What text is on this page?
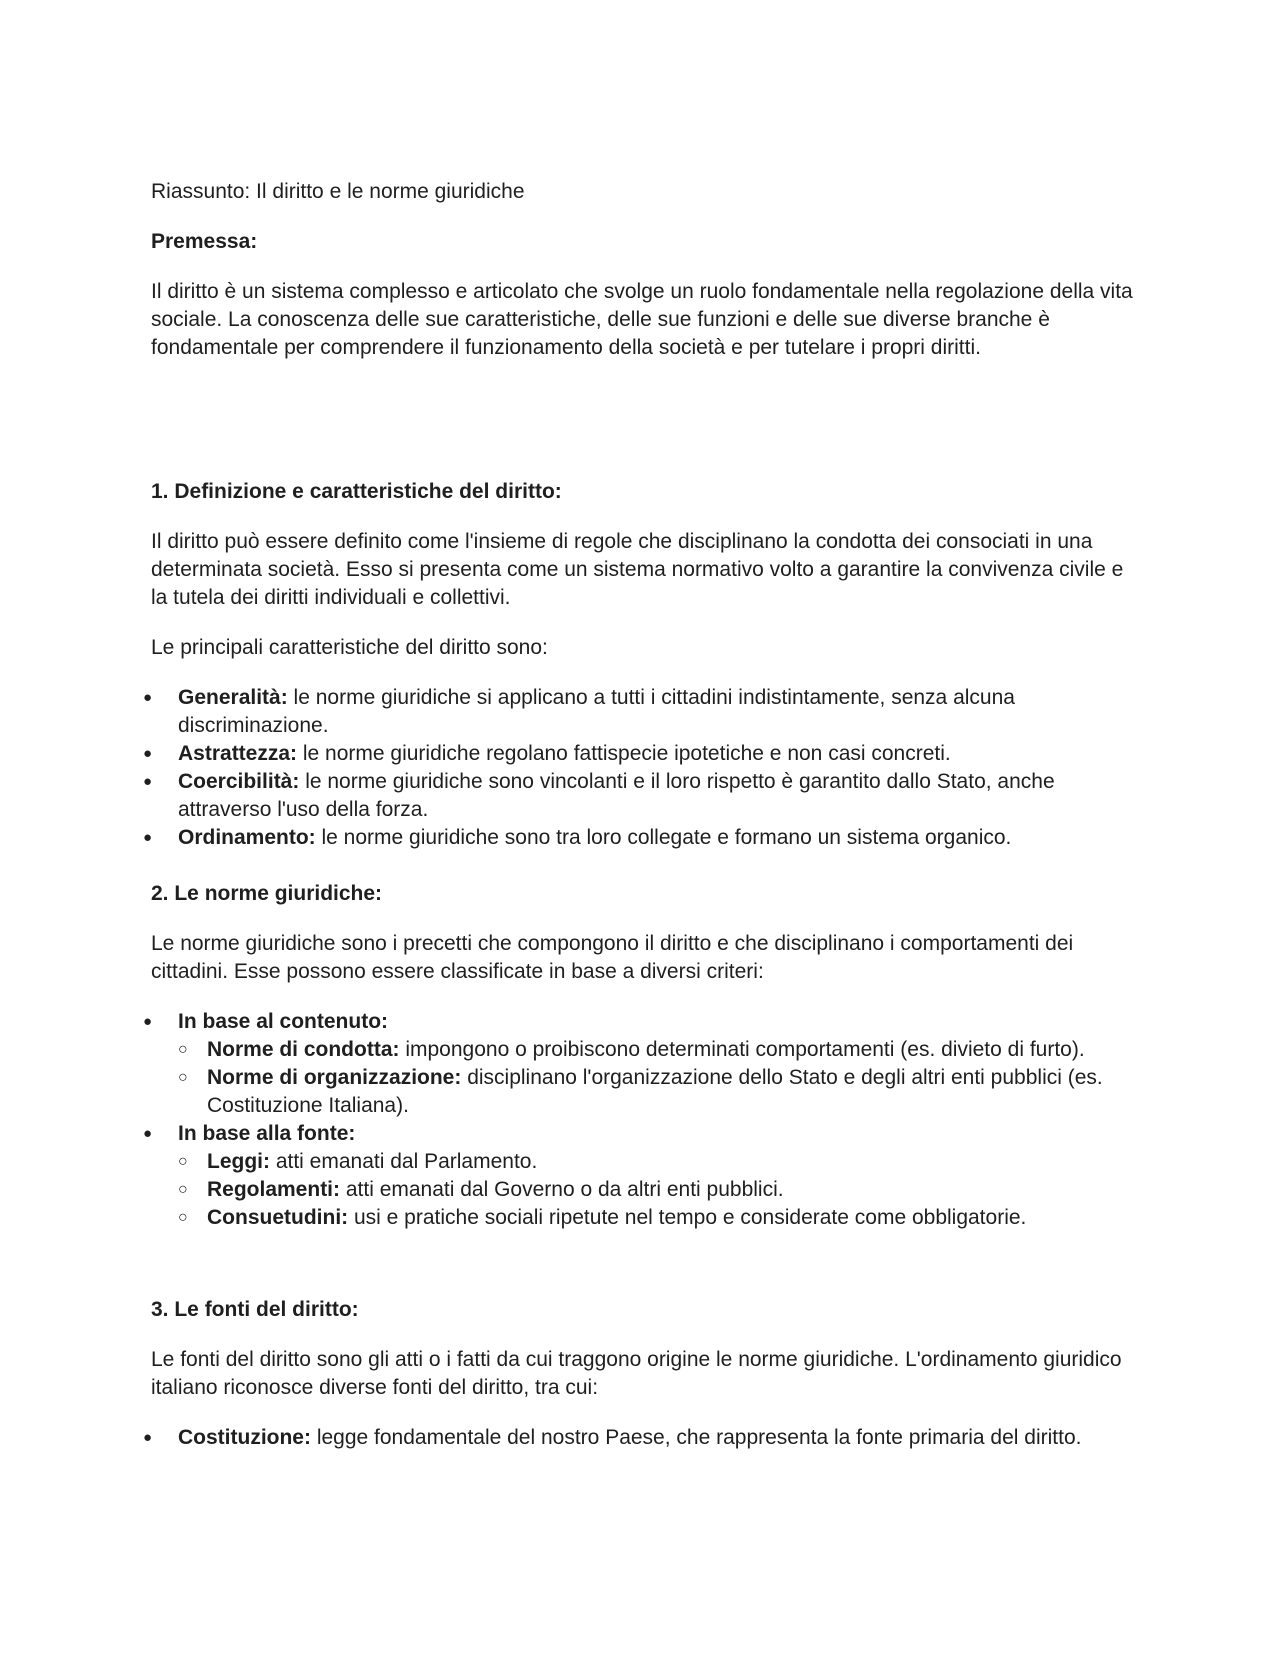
Riassunto: Il diritto e le norme giuridiche

Premessa:

Il diritto è un sistema complesso e articolato che svolge un ruolo fondamentale nella regolazione della vita sociale. La conoscenza delle sue caratteristiche, delle sue funzioni e delle sue diverse branche è fondamentale per comprendere il funzionamento della società e per tutelare i propri diritti.

1. Definizione e caratteristiche del diritto:

Il diritto può essere definito come l'insieme di regole che disciplinano la condotta dei consociati in una determinata società. Esso si presenta come un sistema normativo volto a garantire la convivenza civile e la tutela dei diritti individuali e collettivi.

Le principali caratteristiche del diritto sono:

● Generalità: le norme giuridiche si applicano a tutti i cittadini indistintamente, senza alcuna discriminazione.
● Astrattezza: le norme giuridiche regolano fattispecie ipotetiche e non casi concreti.
● Coercibilità: le norme giuridiche sono vincolanti e il loro rispetto è garantito dallo Stato, anche attraverso l'uso della forza.
● Ordinamento: le norme giuridiche sono tra loro collegate e formano un sistema organico.

2. Le norme giuridiche:

Le norme giuridiche sono i precetti che compongono il diritto e che disciplinano i comportamenti dei cittadini. Esse possono essere classificate in base a diversi criteri:

● In base al contenuto:
○ Norme di condotta: impongono o proibiscono determinati comportamenti (es. divieto di furto).
○ Norme di organizzazione: disciplinano l'organizzazione dello Stato e degli altri enti pubblici (es. Costituzione Italiana).
● In base alla fonte:
○ Leggi: atti emanati dal Parlamento.
○ Regolamenti: atti emanati dal Governo o da altri enti pubblici.
○ Consuetudini: usi e pratiche sociali ripetute nel tempo e considerate come obbligatorie.

3. Le fonti del diritto:

Le fonti del diritto sono gli atti o i fatti da cui traggono origine le norme giuridiche. L'ordinamento giuridico italiano riconosce diverse fonti del diritto, tra cui:

● Costituzione: legge fondamentale del nostro Paese, che rappresenta la fonte primaria del diritto.
